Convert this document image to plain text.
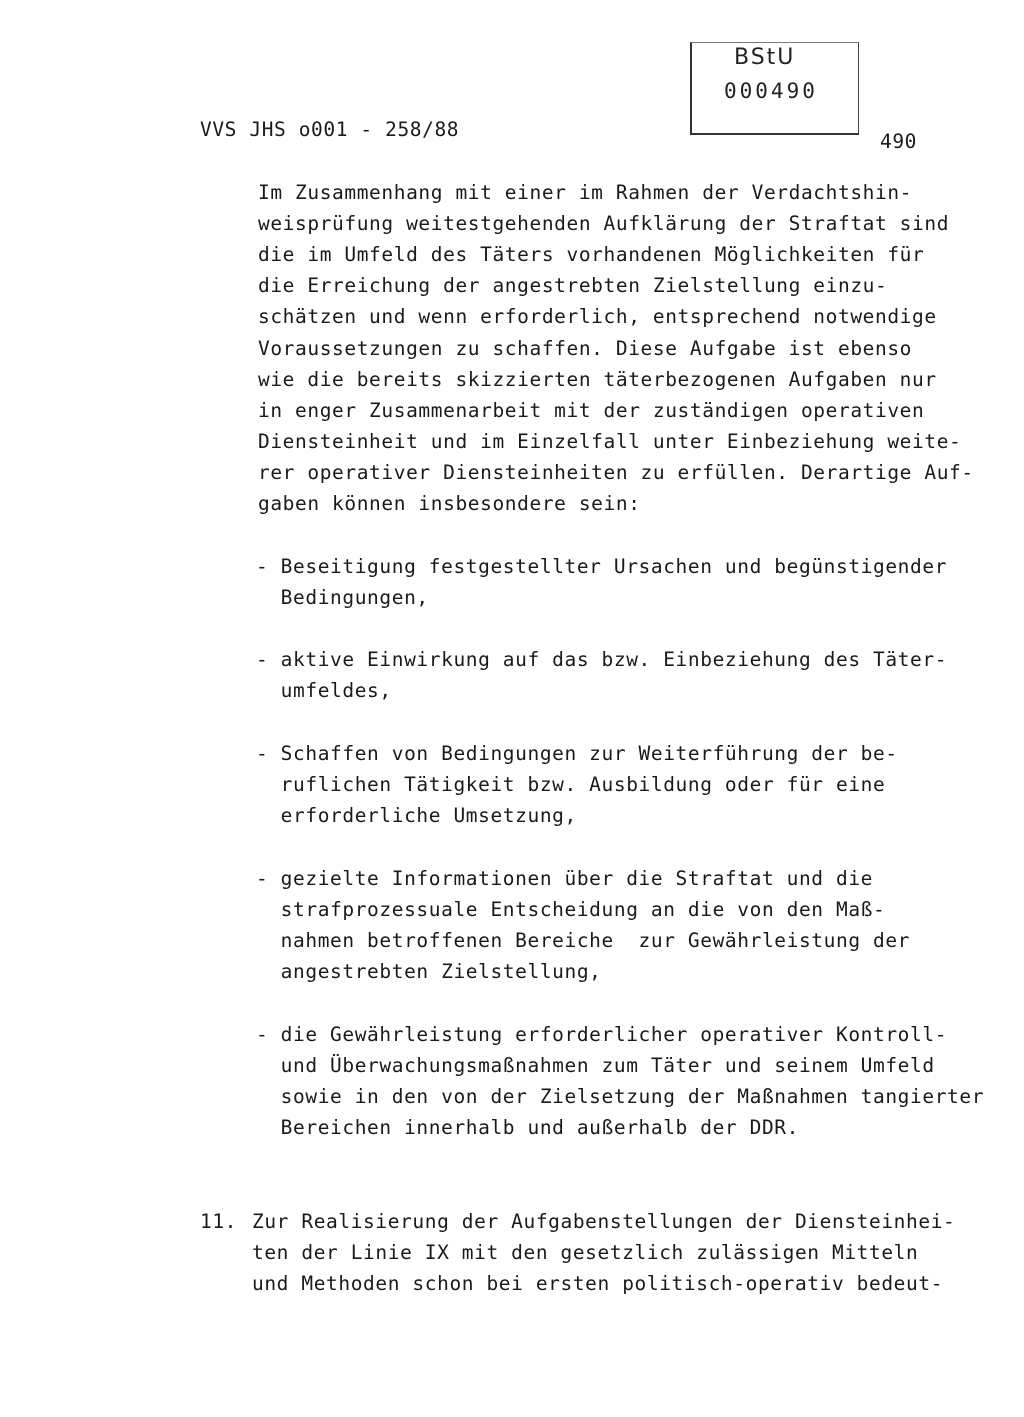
BStU
000490
VVS JHS o001 - 258/88
490
Im Zusammenhang mit einer im Rahmen der Verdachtshin-
weisprüfung weitestgehenden Aufklärung der Straftat sind
die im Umfeld des Täters vorhandenen Möglichkeiten für
die Erreichung der angestrebten Zielstellung einzu-
schätzen und wenn erforderlich, entsprechend notwendige
Voraussetzungen zu schaffen. Diese Aufgabe ist ebenso
wie die bereits skizzierten täterbezogenen Aufgaben nur
in enger Zusammenarbeit mit der zuständigen operativen
Diensteinheit und im Einzelfall unter Einbeziehung weite-
rer operativer Diensteinheiten zu erfüllen. Derartige Auf-
gaben können insbesondere sein:
- Beseitigung festgestellter Ursachen und begünstigender
Bedingungen,
- aktive Einwirkung auf das bzw. Einbeziehung des Täter-
umfeldes,
- Schaffen von Bedingungen zur Weiterführung der be-
ruflichen Tätigkeit bzw. Ausbildung oder für eine
erforderliche Umsetzung,
- gezielte Informationen über die Straftat und die
strafprozessuale Entscheidung an die von den Maß-
nahmen betroffenen Bereiche  zur Gewährleistung der
angestrebten Zielstellung,
- die Gewährleistung erforderlicher operativer Kontroll-
und Überwachungsmaßnahmen zum Täter und seinem Umfeld
sowie in den von der Zielsetzung der Maßnahmen tangierter
Bereichen innerhalb und außerhalb der DDR.
11. Zur Realisierung der Aufgabenstellungen der Diensteinhei-
ten der Linie IX mit den gesetzlich zulässigen Mitteln
und Methoden schon bei ersten politisch-operativ bedeut-
